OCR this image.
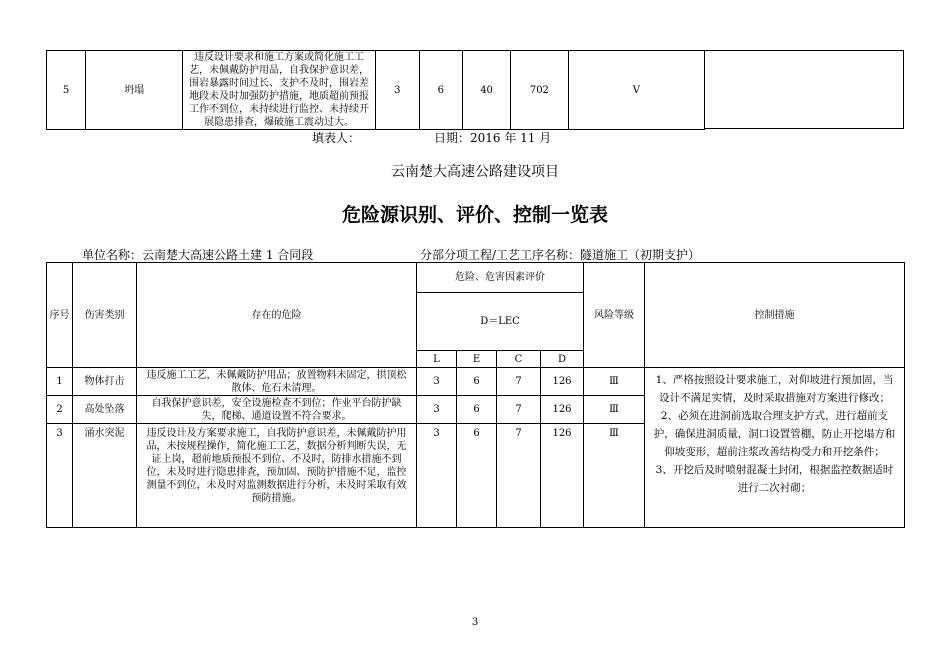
5	坍塌	违反设计要求和施工方案或简化施工工艺，未佩戴防护用品，自我保护意识差，围岩暴露时间过长、支护不及时，围岩差地段未及时加强防护措施，地质超前预报工作不到位，未持续进行监控、未持续开展隐患排查，爆破施工震动过大。	3	6	40	702	Ⅴ
填表人：	日期：2016 年 11 月
云南楚大高速公路建设项目
危险源识别、评价、控制一览表
单位名称：云南楚大高速公路土建 1 合同段	分部分项工程/工艺工序名称：隧道施工（初期支护）
序号	伤害类别	存在的危险	危险、危害因素评价				风险等级	控制措施
			D＝LEC					
			L	E	C	D		
1	物体打击	违反施工工艺，未佩戴防护用品；放置物料未固定，拱顶松散体、危石未清理。	3	6	7	126	Ⅲ	1、严格按照设计要求施工，对仰坡进行预加固，当设计不满足实情，及时采取措施对方案进行修改；
2、必须在进洞前选取合理支护方式，进行超前支护，确保进洞质量，洞口设置管棚，防止开挖塌方和仰坡变形，超前注浆改善结构受力和开挖条件；
3、开挖后及时喷射混凝土封闭，根据监控数据适时进行二次衬砌；

2	高处坠落	自我保护意识差，安全设施检查不到位；作业平台防护缺失，爬梯、通道设置不符合要求。	3	6	7	126	Ⅲ	
3	涌水突泥	违反设计及方案要求施工，自我防护意识差，未佩戴防护用品，未按规程操作，简化施工工艺，数据分析判断失误，无证上岗，超前地质预报不到位、不及时，防排水措施不到位，未及时进行隐患排查，预加固、预防护措施不足，监控测量不到位，未及时对监测数据进行分析，未及时采取有效预防措施。	3	6	7	126	Ⅲ	
3
